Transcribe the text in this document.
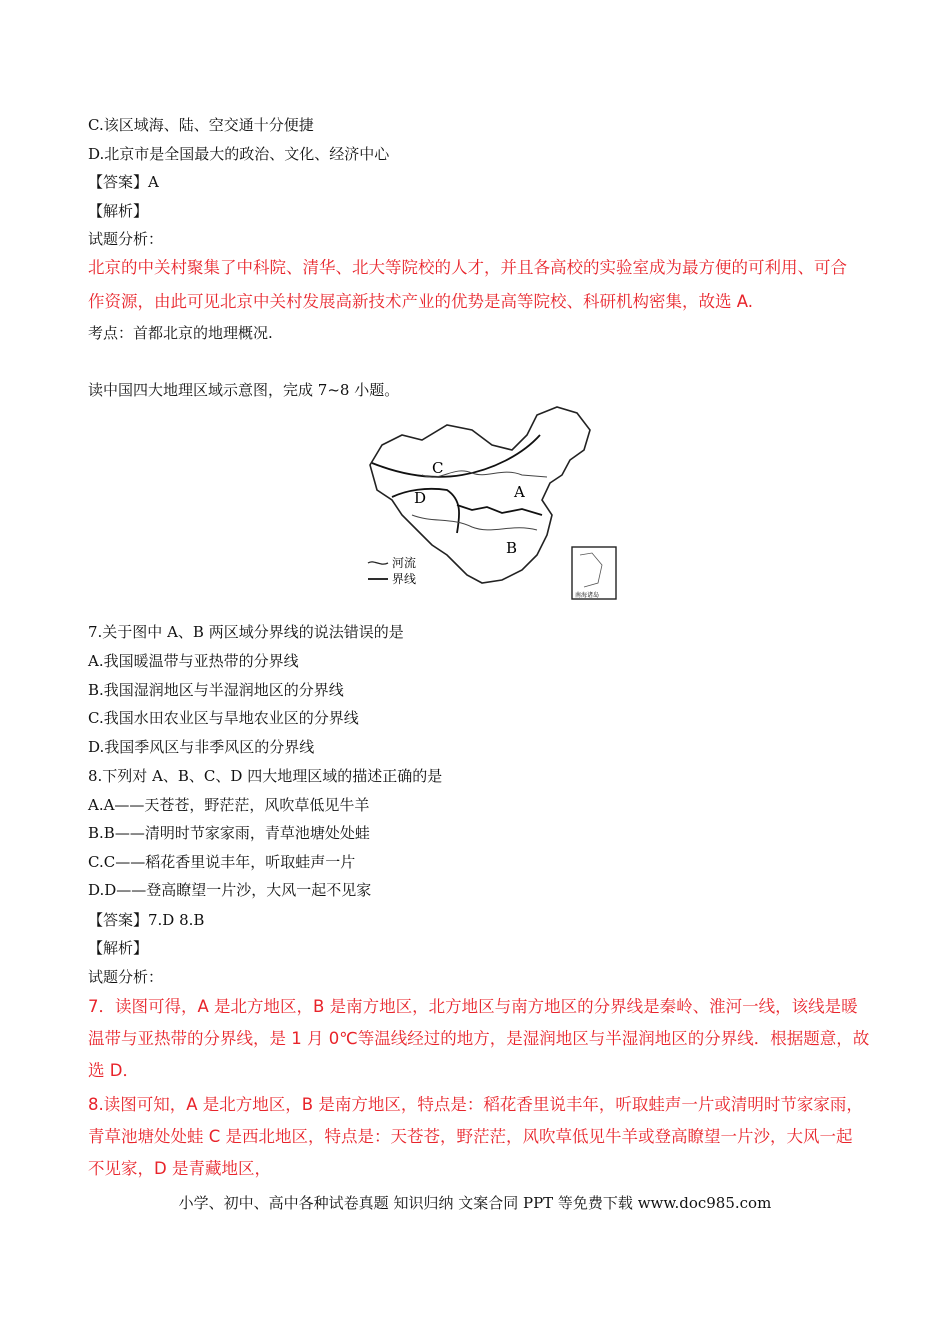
C.该区域海、陆、空交通十分便捷
D.北京市是全国最大的政治、文化、经济中心
【答案】A
【解析】
试题分析：
北京的中关村聚集了中科院、清华、北大等院校的人才，并且各高校的实验室成为最方便的可利用、可合
作资源，由此可见北京中关村发展高新技术产业的优势是高等院校、科研机构密集，故选 A.
考点：首都北京的地理概况.
读中国四大地理区域示意图，完成 7~8 小题。
C
D	A
B
河流
界线
南海诸岛
7.关于图中 A、B 两区域分界线的说法错误的是
A.我国暖温带与亚热带的分界线
B.我国湿润地区与半湿润地区的分界线
C.我国水田农业区与旱地农业区的分界线
D.我国季风区与非季风区的分界线
8.下列对 A、B、C、D 四大地理区域的描述正确的是
A.A——天苍苍，野茫茫，风吹草低见牛羊
B.B——清明时节家家雨，青草池塘处处蛙
C.C——稻花香里说丰年，听取蛙声一片
D.D——登高瞭望一片沙，大风一起不见家
【答案】7.D 8.B
【解析】
试题分析：
7．读图可得，A 是北方地区，B 是南方地区，北方地区与南方地区的分界线是秦岭、淮河一线，该线是暖
温带与亚热带的分界线，是 1 月 0℃等温线经过的地方，是湿润地区与半湿润地区的分界线．根据题意，故
选 D．
8.读图可知，A 是北方地区，B 是南方地区，特点是：稻花香里说丰年，听取蛙声一片或清明时节家家雨，
青草池塘处处蛙 C 是西北地区，特点是：天苍苍，野茫茫，风吹草低见牛羊或登高瞭望一片沙，大风一起
不见家，D 是青藏地区，
小学、初中、高中各种试卷真题 知识归纳 文案合同 PPT 等免费下载 www.doc985.com
